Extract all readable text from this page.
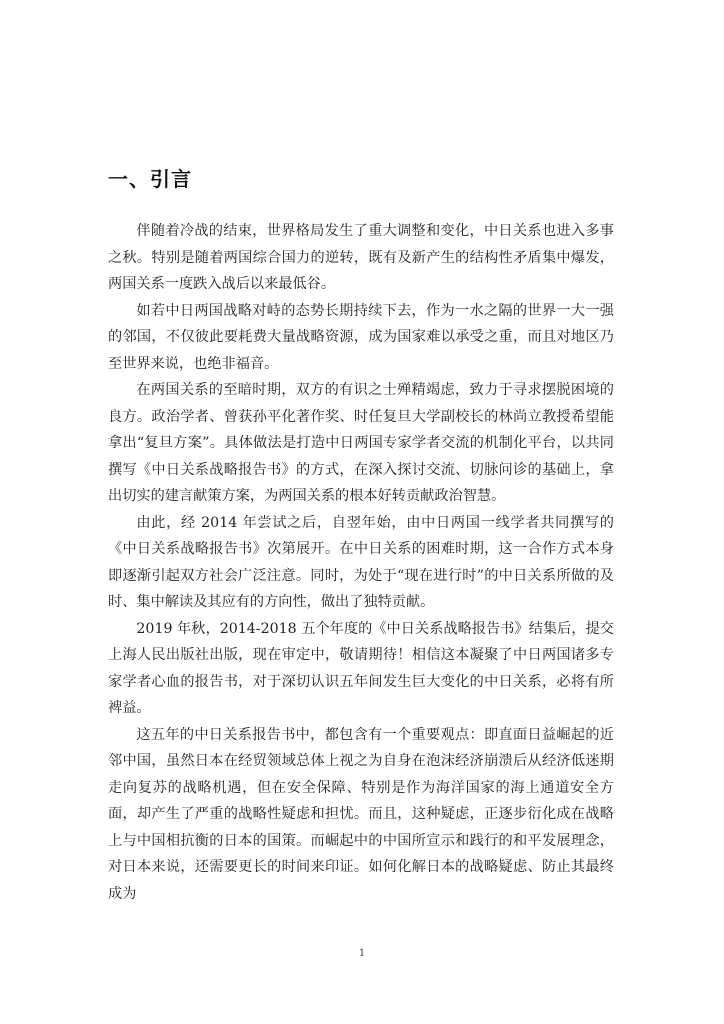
一、引言

伴随着冷战的结束，世界格局发生了重大调整和变化，中日关系也进入多事之秋。特别是随着两国综合国力的逆转，既有及新产生的结构性矛盾集中爆发，两国关系一度跌入战后以来最低谷。

如若中日两国战略对峙的态势长期持续下去，作为一水之隔的世界一大一强的邻国，不仅彼此要耗费大量战略资源，成为国家难以承受之重，而且对地区乃至世界来说，也绝非福音。

在两国关系的至暗时期，双方的有识之士殚精竭虑，致力于寻求摆脱困境的良方。政治学者、曾获孙平化著作奖、时任复旦大学副校长的林尚立教授希望能拿出“复旦方案”。具体做法是打造中日两国专家学者交流的机制化平台，以共同撰写《中日关系战略报告书》的方式，在深入探讨交流、切脉问诊的基础上，拿出切实的建言献策方案，为两国关系的根本好转贡献政治智慧。

由此，经 2014 年尝试之后，自翌年始，由中日两国一线学者共同撰写的《中日关系战略报告书》次第展开。在中日关系的困难时期，这一合作方式本身即逐渐引起双方社会广泛注意。同时，为处于“现在进行时”的中日关系所做的及时、集中解读及其应有的方向性，做出了独特贡献。

2019 年秋，2014-2018 五个年度的《中日关系战略报告书》结集后，提交上海人民出版社出版，现在审定中，敬请期待！相信这本凝聚了中日两国诸多专家学者心血的报告书，对于深切认识五年间发生巨大变化的中日关系，必将有所裨益。

这五年的中日关系报告书中，都包含有一个重要观点：即直面日益崛起的近邻中国，虽然日本在经贸领域总体上视之为自身在泡沫经济崩溃后从经济低迷期走向复苏的战略机遇，但在安全保障、特别是作为海洋国家的海上通道安全方面，却产生了严重的战略性疑虑和担忧。而且，这种疑虑，正逐步衍化成在战略上与中国相抗衡的日本的国策。而崛起中的中国所宣示和践行的和平发展理念，对日本来说，还需要更长的时间来印证。如何化解日本的战略疑虑、防止其最终成为

1
